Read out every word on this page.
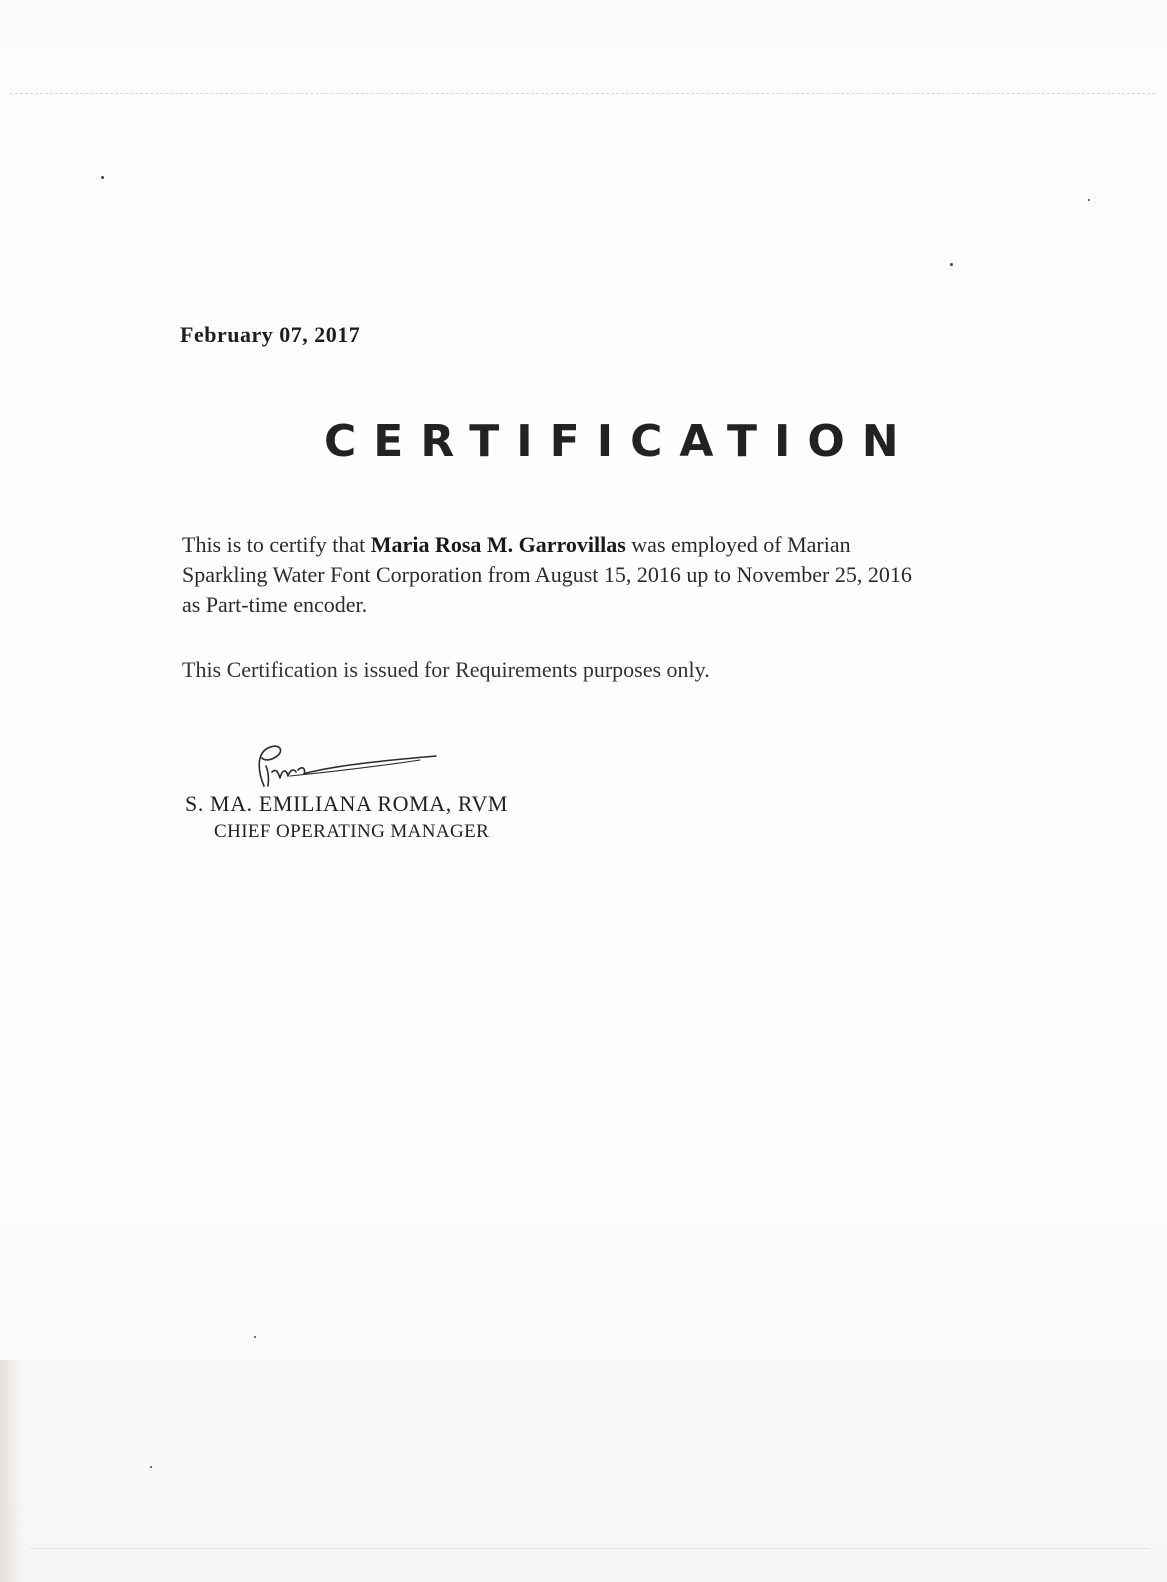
February 07, 2017
CERTIFICATION
This is to certify that Maria Rosa M. Garrovillas was employed of Marian Sparkling Water Font Corporation from August 15, 2016 up to November 25, 2016 as Part-time encoder.
This Certification is issued for Requirements purposes only.
S. MA. EMILIANA ROMA, RVM
CHIEF OPERATING MANAGER
